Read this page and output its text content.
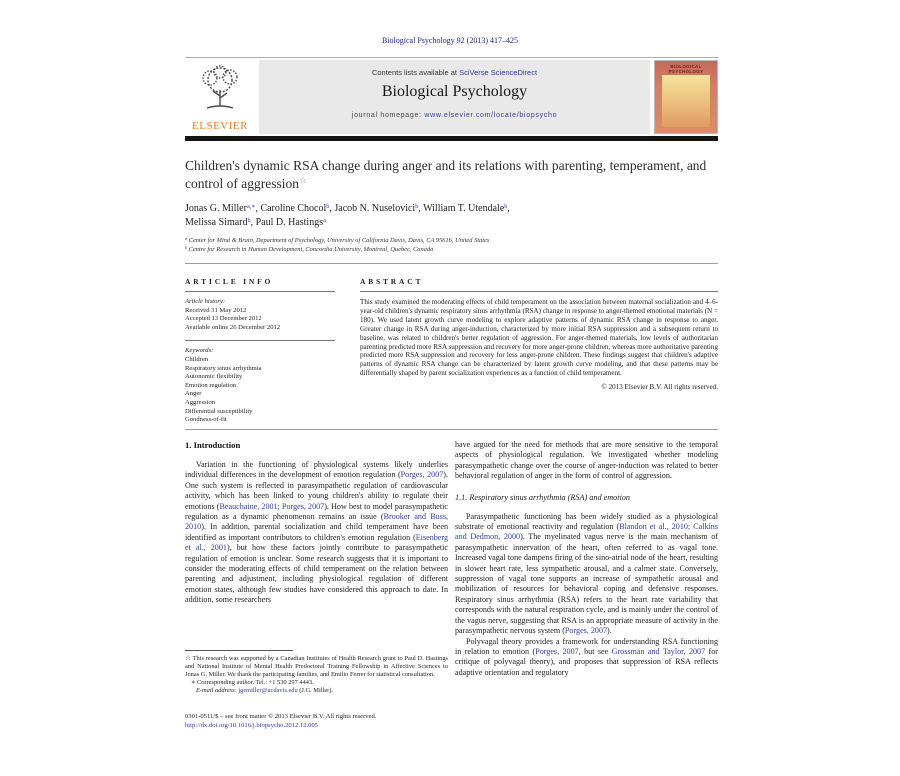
Biological Psychology 92 (2013) 417–425
ELSEVIER
Contents lists available at SciVerse ScienceDirect
Biological Psychology
journal homepage: www.elsevier.com/locate/biopsycho
BIOLOGICAL PSYCHOLOGY
Children's dynamic RSA change during anger and its relations with parenting, temperament, and control of aggression☆
Jonas G. Miller$^{a,∗}$, Caroline Chocol$^b$, Jacob N. Nuselovici$^b$, William T. Utendale$^b$,
Melissa Simard$^b$, Paul D. Hastings$^a$
$^a$ Center for Mind & Brain, Department of Psychology, University of California Davis, Davis, CA 95616, United States
$^b$ Centre for Research in Human Development, Concordia University, Montreal, Quebec, Canada
ARTICLE INFO
Article history:
Received 31 May 2012
Accepted 13 December 2012
Available online 26 December 2012
Keywords:
Children
Respiratory sinus arrhythmia
Autonomic flexibility
Emotion regulation
Anger
Aggression
Differential susceptibility
Goodness-of-fit
ABSTRACT
This study examined the moderating effects of child temperament on the association between maternal socialization and 4–6-year-old children's dynamic respiratory sinus arrhythmia (RSA) change in response to anger-themed emotional materials (N = 180). We used latent growth curve modeling to explore adaptive patterns of dynamic RSA change in response to anger. Greater change in RSA during anger-induction, characterized by more initial RSA suppression and a subsequent return to baseline, was related to children's better regulation of aggression. For anger-themed materials, low levels of authoritarian parenting predicted more RSA suppression and recovery for more anger-prone children, whereas more authoritative parenting predicted more RSA suppression and recovery for less anger-prone children. These findings suggest that children's adaptive patterns of dynamic RSA change can be characterized by latent growth curve modeling, and that these patterns may be differentially shaped by parent socialization experiences as a function of child temperament.
© 2013 Elsevier B.V. All rights reserved.
1. Introduction

Variation in the functioning of physiological systems likely underlies individual differences in the development of emotion regulation (Porges, 2007). One such system is reflected in parasympathetic regulation of cardiovascular activity, which has been linked to young children's ability to regulate their emotions (Beauchaine, 2001; Porges, 2007). How best to model parasympathetic regulation as a dynamic phenomenon remains an issue (Brooker and Buss, 2010). In addition, parental socialization and child temperament have been identified as important contributors to children's emotion regulation (Eisenberg et al., 2001), but how these factors jointly contribute to parasympathetic regulation of emotion is unclear. Some research suggests that it is important to consider the moderating effects of child temperament on the relation between parenting and adjustment, including physiological regulation of different emotion states, although few studies have considered this approach to date. In addition, some researchers

have argued for the need for methods that are more sensitive to the temporal aspects of physiological regulation. We investigated whether modeling parasympathetic change over the course of anger-induction was related to better behavioral regulation of anger in the form of control of aggression.

1.1. Respiratory sinus arrhythmia (RSA) and emotion

Parasympathetic functioning has been widely studied as a physiological substrate of emotional reactivity and regulation (Blandon et al., 2010; Calkins and Dedmon, 2000). The myelinated vagus nerve is the main mechanism of parasympathetic innervation of the heart, often referred to as vagal tone. Increased vagal tone dampens firing of the sino-atrial node of the heart, resulting in slower heart rate, less sympathetic arousal, and a calmer state. Conversely, suppression of vagal tone supports an increase of sympathetic arousal and mobilization of resources for behavioral coping and defensive responses. Respiratory sinus arrhythmia (RSA) refers to the heart rate variability that corresponds with the natural respiration cycle, and is mainly under the control of the vagus nerve, suggesting that RSA is an appropriate measure of activity in the parasympathetic nervous system (Porges, 2007).

Polyvagal theory provides a framework for understanding RSA functioning in relation to emotion (Porges, 2007, but see Grossman and Taylor, 2007 for critique of polyvagal theory), and proposes that suppression of RSA reflects adaptive orientation and regulatory

☆ This research was supported by a Canadian Institutes of Health Research grant to Paul D. Hastings and National Institute of Mental Health Predoctoral Training Fellowship in Affective Sciences to Jonas G. Miller. We thank the participating families, and Emilio Ferrer for statistical consultation.

∗ Corresponding author. Tel.: +1 530 297 4443.

E-mail address: jgemiller@ucdavis.edu (J.G. Miller).

0301-0511/$ – see front matter © 2013 Elsevier B.V. All rights reserved.
http://dx.doi.org/10.1016/j.biopsycho.2012.12.005
